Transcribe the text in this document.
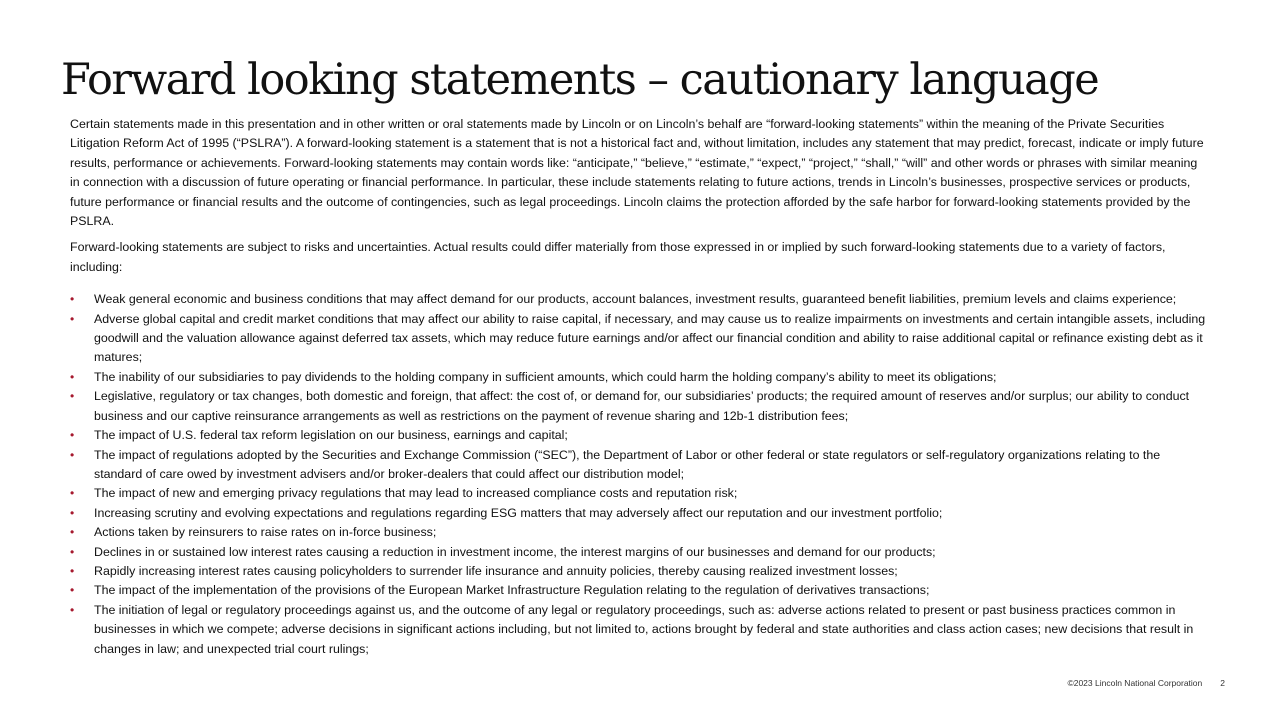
Forward looking statements – cautionary language

Certain statements made in this presentation and in other written or oral statements made by Lincoln or on Lincoln’s behalf are “forward-looking statements” within the meaning of the Private Securities Litigation Reform Act of 1995 (“PSLRA”). A forward-looking statement is a statement that is not a historical fact and, without limitation, includes any statement that may predict, forecast, indicate or imply future results, performance or achievements. Forward-looking statements may contain words like: “anticipate,” “believe,” “estimate,” “expect,” “project,” “shall,” “will” and other words or phrases with similar meaning in connection with a discussion of future operating or financial performance. In particular, these include statements relating to future actions, trends in Lincoln’s businesses, prospective services or products, future performance or financial results and the outcome of contingencies, such as legal proceedings. Lincoln claims the protection afforded by the safe harbor for forward-looking statements provided by the PSLRA.

Forward-looking statements are subject to risks and uncertainties. Actual results could differ materially from those expressed in or implied by such forward-looking statements due to a variety of factors, including:

• Weak general economic and business conditions that may affect demand for our products, account balances, investment results, guaranteed benefit liabilities, premium levels and claims experience;
• Adverse global capital and credit market conditions that may affect our ability to raise capital, if necessary, and may cause us to realize impairments on investments and certain intangible assets, including goodwill and the valuation allowance against deferred tax assets, which may reduce future earnings and/or affect our financial condition and ability to raise additional capital or refinance existing debt as it matures;
• The inability of our subsidiaries to pay dividends to the holding company in sufficient amounts, which could harm the holding company’s ability to meet its obligations;
• Legislative, regulatory or tax changes, both domestic and foreign, that affect: the cost of, or demand for, our subsidiaries’ products; the required amount of reserves and/or surplus; our ability to conduct business and our captive reinsurance arrangements as well as restrictions on the payment of revenue sharing and 12b-1 distribution fees;
• The impact of U.S. federal tax reform legislation on our business, earnings and capital;
• The impact of regulations adopted by the Securities and Exchange Commission (“SEC”), the Department of Labor or other federal or state regulators or self-regulatory organizations relating to the standard of care owed by investment advisers and/or broker-dealers that could affect our distribution model;
• The impact of new and emerging privacy regulations that may lead to increased compliance costs and reputation risk;
• Increasing scrutiny and evolving expectations and regulations regarding ESG matters that may adversely affect our reputation and our investment portfolio;
• Actions taken by reinsurers to raise rates on in-force business;
• Declines in or sustained low interest rates causing a reduction in investment income, the interest margins of our businesses and demand for our products;
• Rapidly increasing interest rates causing policyholders to surrender life insurance and annuity policies, thereby causing realized investment losses;
• The impact of the implementation of the provisions of the European Market Infrastructure Regulation relating to the regulation of derivatives transactions;
• The initiation of legal or regulatory proceedings against us, and the outcome of any legal or regulatory proceedings, such as: adverse actions related to present or past business practices common in businesses in which we compete; adverse decisions in significant actions including, but not limited to, actions brought by federal and state authorities and class action cases; new decisions that result in changes in law; and unexpected trial court rulings;
©2023 Lincoln National Corporation 2
